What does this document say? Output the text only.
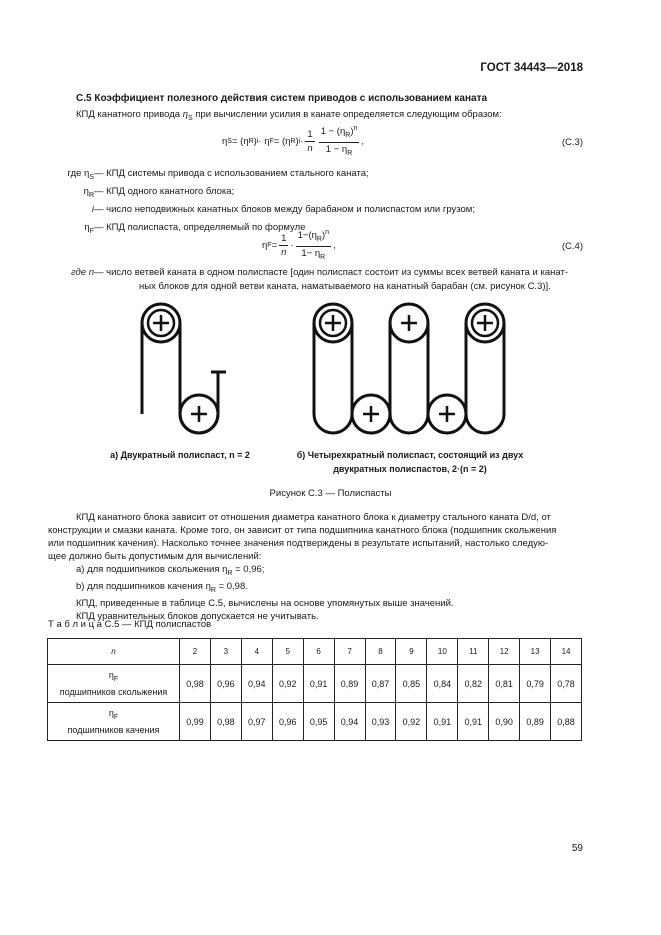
ГОСТ 34443—2018
С.5 Коэффициент полезного действия систем приводов с использованием каната
КПД канатного привода $\eta_S$ при вычислении усилия в канате определяется следующим образом:
η S = (η R ) i · η F = (η R ) $i \cdot \frac{1}{n} \frac{1 - (\eta_R)^n}{1 - \eta_R}$ ,	(С.3)
где $\eta_S$ — КПД системы привода с использованием стального каната;
$\eta_R$ — КПД одного канатного блока;
i — число неподвижных канатных блоков между барабаном и полиспастом или грузом;
$\eta_F$ — КПД полиспаста, определяемый по формуле
η $F = \frac{1}{n} \cdot \frac{1-(\eta_R)^n}{1- \eta_R}$ ,	(С.4)
где n — число ветвей каната в одном полиспасте [один полиспаст состоит из суммы всех ветвей каната и канат-
ных блоков для одной ветви каната, наматываемого на канатный барабан (см. рисунок С.3)].
а) Двукратный полиспаст, n = 2	б) Четырехкратный полиспаст, состоящий из двух
двукратных полиспастов, 2·(n = 2)
Рисунок С.3 — Полиспасты
КПД канатного блока зависит от отношения диаметра канатного блока к диаметру стального каната D/d, от
конструкции и смазки каната. Кроме того, он зависит от типа подшипника канатного блока (подшипник скольжения
или подшипник качения). Насколько точнее значения подтверждены в результате испытаний, настолько следую-
щее должно быть допустимым для вычислений:
a) для подшипников скольжения $\eta_R = 0,96$;
b) для подшипников качения $\eta_R = 0,98$.
КПД, приведенные в таблице С.5, вычислены на основе упомянутых выше значений.
КПД уравнительных блоков допускается не учитывать.
Т а б л и ц а С.5 — КПД полиспастов
n	2	3	4	5	6	7	8	9	10	11	12	13	14

$\eta_F$
подшипников скольжения	0,98	0,96	0,94	0,92	0,91	0,89	0,87	0,85	0,84	0,82	0,81	0,79	0,78

$\eta_F$
подшипников качения	0,99	0,98	0,97	0,96	0,95	0,94	0,93	0,92	0,91	0,91	0,90	0,89	0,88
59
